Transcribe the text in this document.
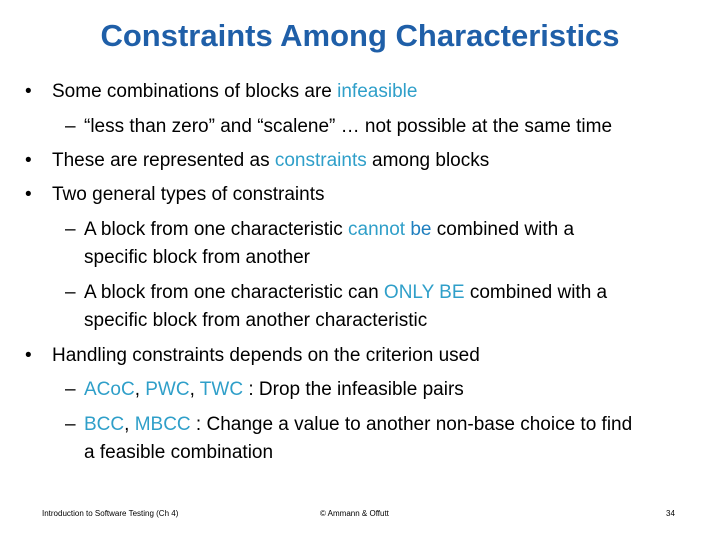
Constraints Among Characteristics
• Some combinations of blocks are infeasible
– “less than zero” and “scalene” … not possible at the same time
• These are represented as constraints among blocks
• Two general types of constraints
– A block from one characteristic cannot be combined with a
specific block from another
– A block from one characteristic can ONLY BE combined with a
specific block from another characteristic
• Handling constraints depends on the criterion used
– ACoC, PWC, TWC : Drop the infeasible pairs
– BCC, MBCC : Change a value to another non-base choice to find
a feasible combination
Introduction to Software Testing (Ch 4)	© Ammann & Offutt	34
